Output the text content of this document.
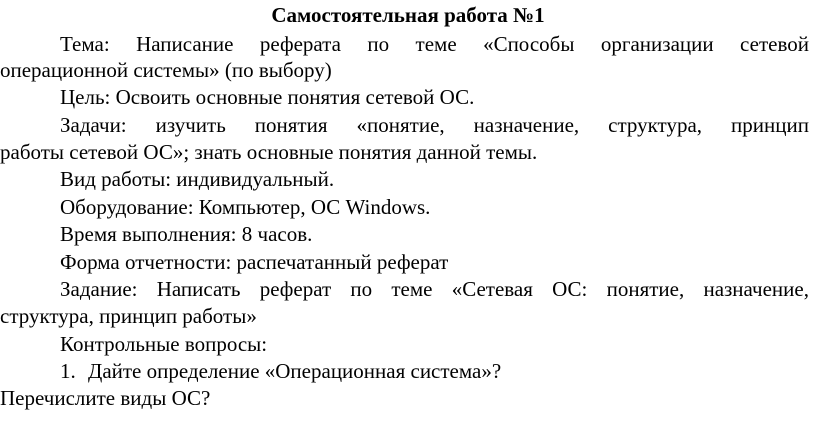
Самостоятельная работа №1
Тема: Написание реферата по теме «Способы организации сетевой
операционной системы» (по выбору)
Цель: Освоить основные понятия сетевой ОС.
Задачи: изучить понятия «понятие, назначение, структура, принцип
работы сетевой ОС»; знать основные понятия данной темы.
Вид работы: индивидуальный.
Оборудование: Компьютер, ОС Windows.
Время выполнения: 8 часов.
Форма отчетности: распечатанный реферат
Задание: Написать реферат по теме «Сетевая ОС: понятие, назначение,
структура, принцип работы»
Контрольные вопросы:
1. Дайте определение «Операционная система»?
Перечислите виды ОС?
